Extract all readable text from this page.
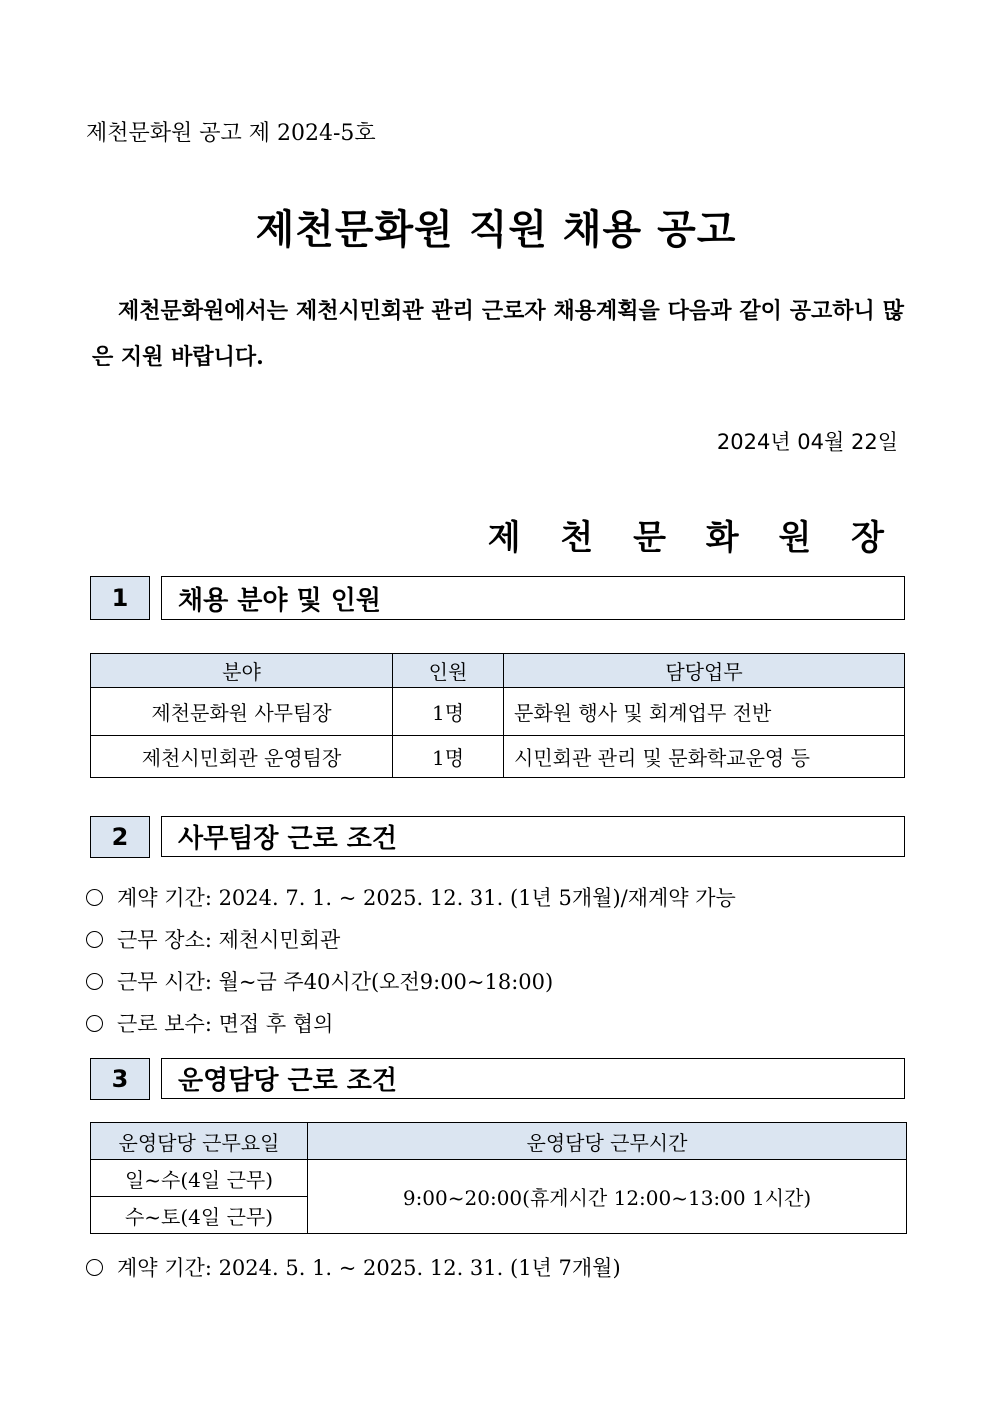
제천문화원 공고 제 2024-5호
제천문화원 직원 채용 공고
제천문화원에서는 제천시민회관 관리 근로자 채용계획을 다음과 같이 공고하니 많은 지원 바랍니다.
2024년 04월 22일
제 천 문 화 원 장
1	채용 분야 및 인원
분야	인원	담당업무
제천문화원 사무팀장	1명	문화원 행사 및 회계업무 전반
제천시민회관 운영팀장	1명	시민회관 관리 및 문화학교운영 등
2	사무팀장 근로 조건
계약 기간: 2024. 7. 1. ~ 2025. 12. 31. (1년 5개월)/재계약 가능
근무 장소: 제천시민회관
근무 시간: 월~금 주40시간(오전9:00~18:00)
근로 보수: 면접 후 협의
3	운영담당 근로 조건
운영담당 근무요일	운영담당 근무시간
일~수(4일 근무)	9:00~20:00(휴게시간 12:00~13:00 1시간)
수~토(4일 근무)	
계약 기간: 2024. 5. 1. ~ 2025. 12. 31. (1년 7개월)
